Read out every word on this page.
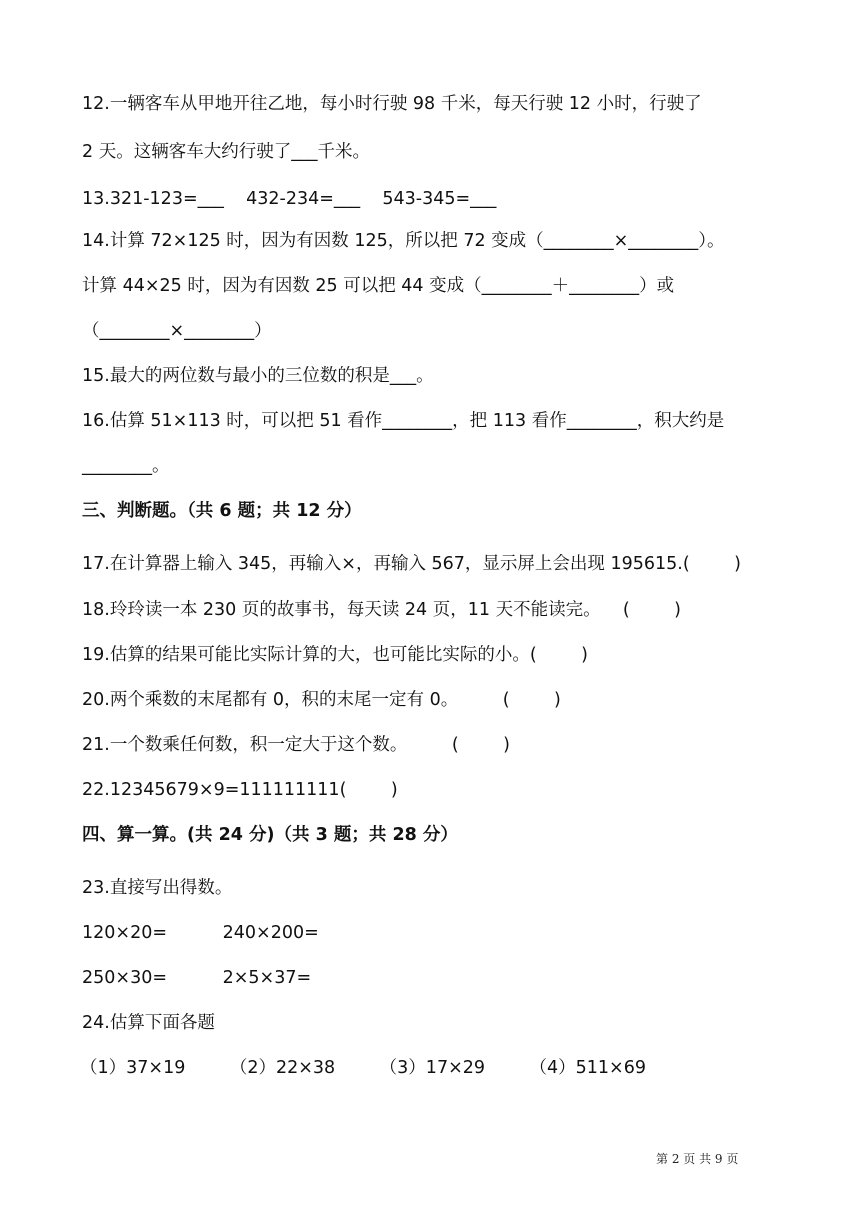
12.一辆客车从甲地开往乙地，每小时行驶 98 千米，每天行驶 12 小时，行驶了
2 天。这辆客车大约行驶了___千米。
13.321-123=___    432-234=___    543-345=___
14.计算 72×125 时，因为有因数 125，所以把 72 变成（________×________）。
计算 44×25 时，因为有因数 25 可以把 44 变成（________＋________）或
（________×________）
15.最大的两位数与最小的三位数的积是___。
16.估算 51×113 时，可以把 51 看作________，把 113 看作________，积大约是
________。
三、判断题。（共 6 题；共 12 分）
17.在计算器上输入 345，再输入×，再输入 567，显示屏上会出现 195615.(        )
18.玲玲读一本 230 页的故事书，每天读 24 页，11 天不能读完。    (        )
19.估算的结果可能比实际计算的大，也可能比实际的小。(        )
20.两个乘数的末尾都有 0，积的末尾一定有 0。        (        )
21.一个数乘任何数，积一定大于这个数。        (        )
22.12345679×9=111111111(        )
四、算一算。(共 24 分)（共 3 题；共 28 分）
23.直接写出得数。
120×20=          240×200=
250×30=          2×5×37=
24.估算下面各题
（1）37×19        （2）22×38        （3）17×29        （4）511×69
第 2 页 共 9 页
